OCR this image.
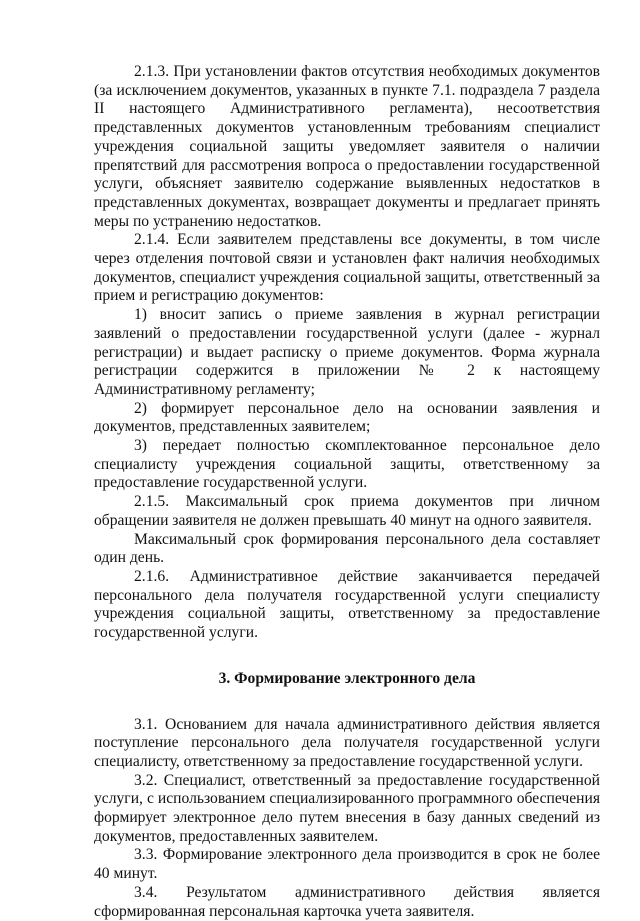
2.1.3. При установлении фактов отсутствия необходимых документов (за исключением документов, указанных в пункте 7.1. подраздела 7 раздела II настоящего Административного регламента), несоответствия представленных документов установленным требованиям специалист учреждения социальной защиты уведомляет заявителя о наличии препятствий для рассмотрения вопроса о предоставлении государственной услуги, объясняет заявителю содержание выявленных недостатков в представленных документах, возвращает документы и предлагает принять меры по устранению недостатков.

2.1.4. Если заявителем представлены все документы, в том числе через отделения почтовой связи и установлен факт наличия необходимых документов, специалист учреждения социальной защиты, ответственный за прием и регистрацию документов:

1) вносит запись о приеме заявления в журнал регистрации заявлений о предоставлении государственной услуги (далее - журнал регистрации) и выдает расписку о приеме документов. Форма журнала регистрации содержится в приложении № 2 к настоящему Административному регламенту;

2) формирует персональное дело на основании заявления и документов, представленных заявителем;

3) передает полностью скомплектованное персональное дело специалисту учреждения социальной защиты, ответственному за предоставление государственной услуги.

2.1.5. Максимальный срок приема документов при личном обращении заявителя не должен превышать 40 минут на одного заявителя.

Максимальный срок формирования персонального дела составляет один день.

2.1.6. Административное действие заканчивается передачей персонального дела получателя государственной услуги специалисту учреждения социальной защиты, ответственному за предоставление государственной услуги.

3. Формирование электронного дела

3.1. Основанием для начала административного действия является поступление персонального дела получателя государственной услуги специалисту, ответственному за предоставление государственной услуги.

3.2. Специалист, ответственный за предоставление государственной услуги, с использованием специализированного программного обеспечения формирует электронное дело путем внесения в базу данных сведений из документов, предоставленных заявителем.

3.3. Формирование электронного дела производится в срок не более 40 минут.

3.4. Результатом административного действия является сформированная персональная карточка учета заявителя.
